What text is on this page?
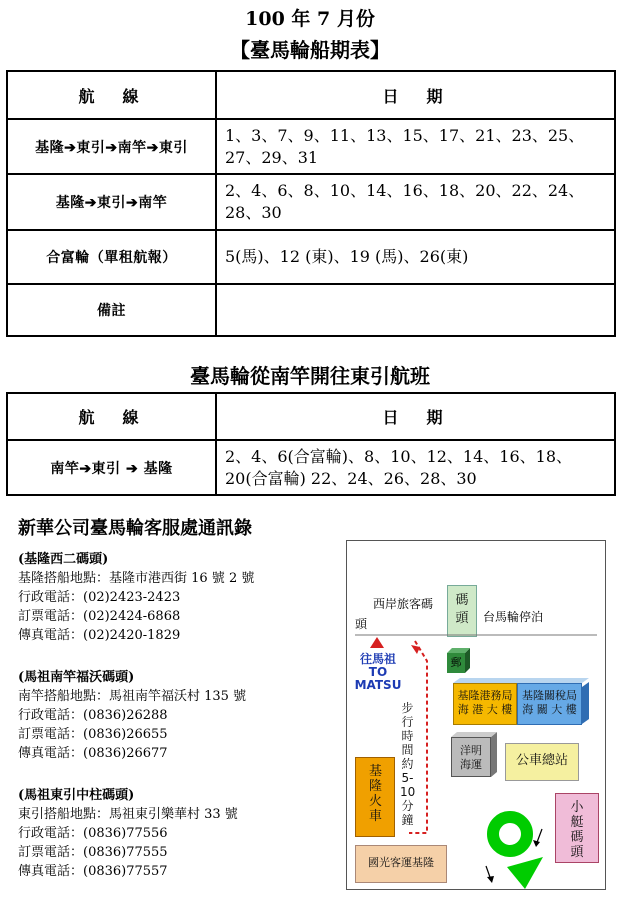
100 年 7 月份
【臺馬輪船期表】
航　線	日　期
基隆➔東引➔南竿➔東引	1、3、7、9、11、13、15、17、21、23、25、27、29、31
基隆➔東引➔南竿	2、4、6、8、10、14、16、18、20、22、24、28、30
合富輪（單租航報）	5(馬)、12 (東)、19 (馬)、26(東)
備註	
臺馬輪從南竿開往東引航班
航　線	日　期
南竿➔東引 ➔ 基隆	2、4、6(合富輪)、8、10、12、14、16、18、20(合富輪) 22、24、26、28、30
新華公司臺馬輪客服處通訊錄
(基隆西二碼頭)
基隆搭船地點：基隆市港西街 16 號 2 號
行政電話：(02)2423-2423
訂票電話：(02)2424-6868
傳真電話：(02)2420-1829
(馬祖南竿福沃碼頭)
南竿搭船地點：馬祖南竿福沃村 135 號
行政電話：(0836)26288
訂票電話：(0836)26655
傳真電話：(0836)26677
(馬祖東引中柱碼頭)
東引搭船地點：馬祖東引樂華村 33 號
行政電話：(0836)77556
訂票電話：(0836)77555
傳真電話：(0836)77557
西岸旅客碼
頭
碼
頭	台馬輪停泊
往馬祖
TO
MATSU
郵
基隆港務局
海 港 大 樓
基隆關稅局
海 關 大 樓
步行時間約5-10分鐘
洋明
海運	公車總站
基隆火車
小艇碼頭
國光客運基隆
